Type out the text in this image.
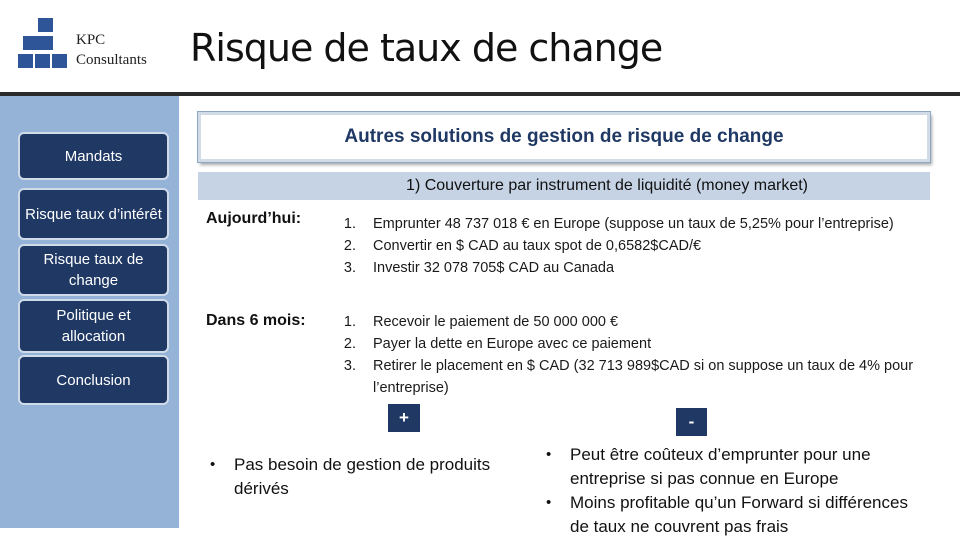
KPC
Consultants
Mandats
Risque taux d’intérêt
Risque taux de change
Politique et allocation
Conclusion
Risque de taux de change
Autres solutions de gestion de risque de change
1) Couverture par instrument de liquidité (money market)
Aujourd’hui:	1. Emprunter 48 737 018 € en Europe (suppose un taux de 5,25% pour l’entreprise)
2. Convertir en $ CAD au taux spot de 0,6582$CAD/€
3. Investir 32 078 705$ CAD au Canada
Dans 6 mois:	1. Recevoir le paiement de 50 000 000 €
2. Payer la dette en Europe avec ce paiement
3. Retirer le placement en $ CAD (32 713 989$CAD si on suppose un taux de 4% pour l’entreprise)
+	-
• Pas besoin de gestion de produits dérivés
• Peut être coûteux d’emprunter pour une entreprise si pas connue en Europe
• Moins profitable qu’un Forward si différences de taux ne couvrent pas frais
